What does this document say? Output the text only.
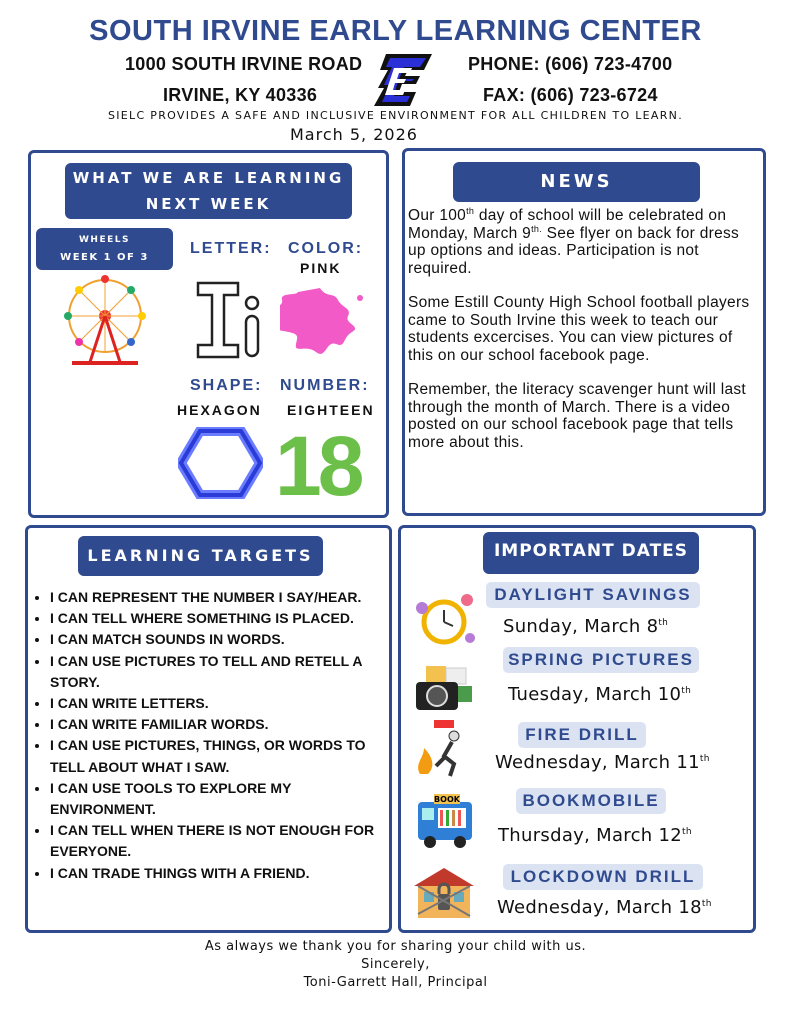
SOUTH IRVINE EARLY LEARNING CENTER
1000 SOUTH IRVINE ROAD
IRVINE, KY 40336
PHONE: (606) 723-4700
FAX: (606) 723-6724
SIELC PROVIDES A SAFE AND INCLUSIVE ENVIRONMENT FOR ALL CHILDREN TO LEARN.
March 5, 2026
WHAT WE ARE LEARNING
NEXT WEEK
WHEELS
WEEK 1 OF 3
LETTER: COLOR:
PINK
SHAPE: NUMBER:
HEXAGON EIGHTEEN
18
NEWS

Our 100th day of school will be celebrated on Monday, March $9^{th.}$ See flyer on back for dress up options and ideas. Participation is not required.

Some Estill County High School football players came to South Irvine this week to teach our students excercises. You can view pictures of this on our school facebook page.

Remember, the literacy scavenger hunt will last through the month of March. There is a video posted on our school facebook page that tells more about this.

LEARNING TARGETS
• I CAN REPRESENT THE NUMBER I SAY/HEAR.
• I CAN TELL WHERE SOMETHING IS PLACED.
• I CAN MATCH SOUNDS IN WORDS.
• I CAN USE PICTURES TO TELL AND RETELL A STORY.
• I CAN WRITE LETTERS.
• I CAN WRITE FAMILIAR WORDS.
• I CAN USE PICTURES, THINGS, OR WORDS TO TELL ABOUT WHAT I SAW.
• I CAN USE TOOLS TO EXPLORE MY ENVIRONMENT.
• I CAN TELL WHEN THERE IS NOT ENOUGH FOR EVERYONE.
• I CAN TRADE THINGS WITH A FRIEND.
IMPORTANT DATES
DAYLIGHT SAVINGS
Sunday, March 8th
SPRING PICTURES
Tuesday, March 10th
FIRE DRILL
Wednesday, March 11th
BOOK	BOOKMOBILE
Thursday, March 12th
LOCKDOWN DRILL
Wednesday, March 18th
As always we thank you for sharing your child with us.
Sincerely,
Toni-Garrett Hall, Principal
